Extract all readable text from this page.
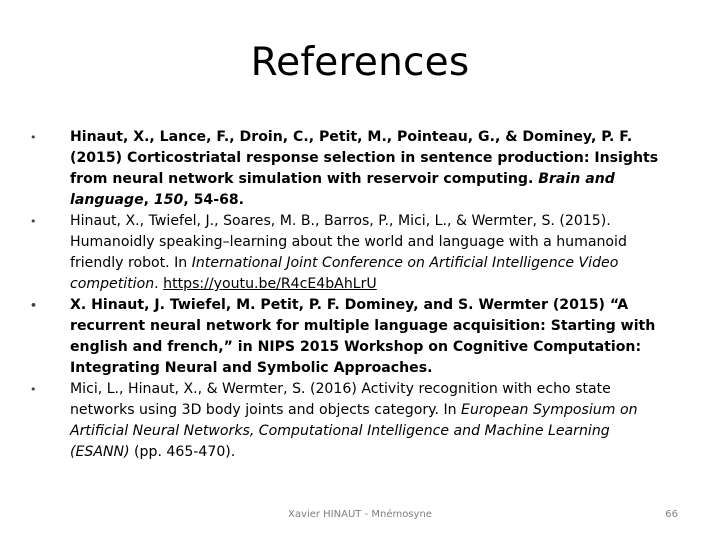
References
• Hinaut, X., Lance, F., Droin, C., Petit, M., Pointeau, G., & Dominey, P. F. (2015) Corticostriatal response selection in sentence production: Insights from neural network simulation with reservoir computing. Brain and language, 150, 54-68.
• Hinaut, X., Twiefel, J., Soares, M. B., Barros, P., Mici, L., & Wermter, S. (2015). Humanoidly speaking–learning about the world and language with a humanoid friendly robot. In International Joint Conference on Artificial Intelligence Video competition. https://youtu.be/R4cE4bAhLrU
• X. Hinaut, J. Twiefel, M. Petit, P. F. Dominey, and S. Wermter (2015) “A recurrent neural network for multiple language acquisition: Starting with english and french,” in NIPS 2015 Workshop on Cognitive Computation: Integrating Neural and Symbolic Approaches.
• Mici, L., Hinaut, X., & Wermter, S. (2016) Activity recognition with echo state networks using 3D body joints and objects category. In European Symposium on Artificial Neural Networks, Computational Intelligence and Machine Learning (ESANN) (pp. 465-470).
Xavier HINAUT - Mnémosyne	66
